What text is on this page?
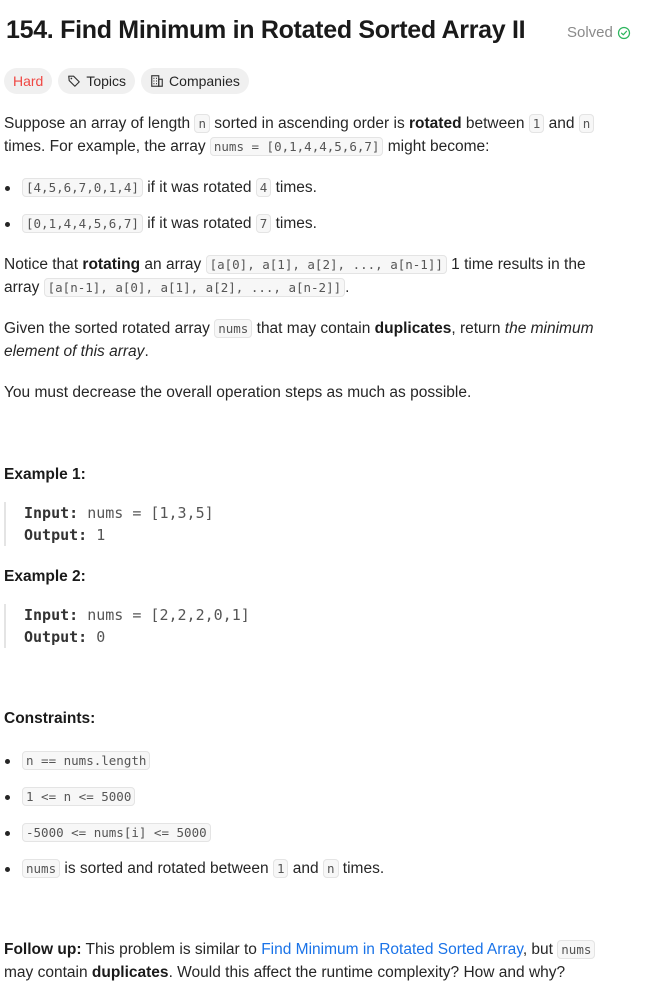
154. Find Minimum in Rotated Sorted Array II	Solved
Hard	Topics	Companies

Suppose an array of length n sorted in ascending order is rotated between 1 and n

times. For example, the array nums = [0,1,4,4,5,6,7] might become:

[4,5,6,7,0,1,4] if it was rotated 4 times.
[0,1,4,4,5,6,7] if it was rotated 7 times.

Notice that rotating an array [a[0], a[1], a[2], ..., a[n-1]] 1 time results in the

array [a[n-1], a[0], a[1], a[2], ..., a[n-2]] .

Given the sorted rotated array nums that may contain duplicates, return the minimum

element of this array.

You must decrease the overall operation steps as much as possible.

Example 1:
Input: nums = [1,3,5]
Output: 1
Example 2:
Input: nums = [2,2,2,0,1]
Output: 0
Constraints:
n == nums.length
1 <= n <= 5000
-5000 <= nums[i] <= 5000
nums is sorted and rotated between 1 and n times.

Follow up: This problem is similar to Find Minimum in Rotated Sorted Array, but nums

may contain duplicates. Would this affect the runtime complexity? How and why?
